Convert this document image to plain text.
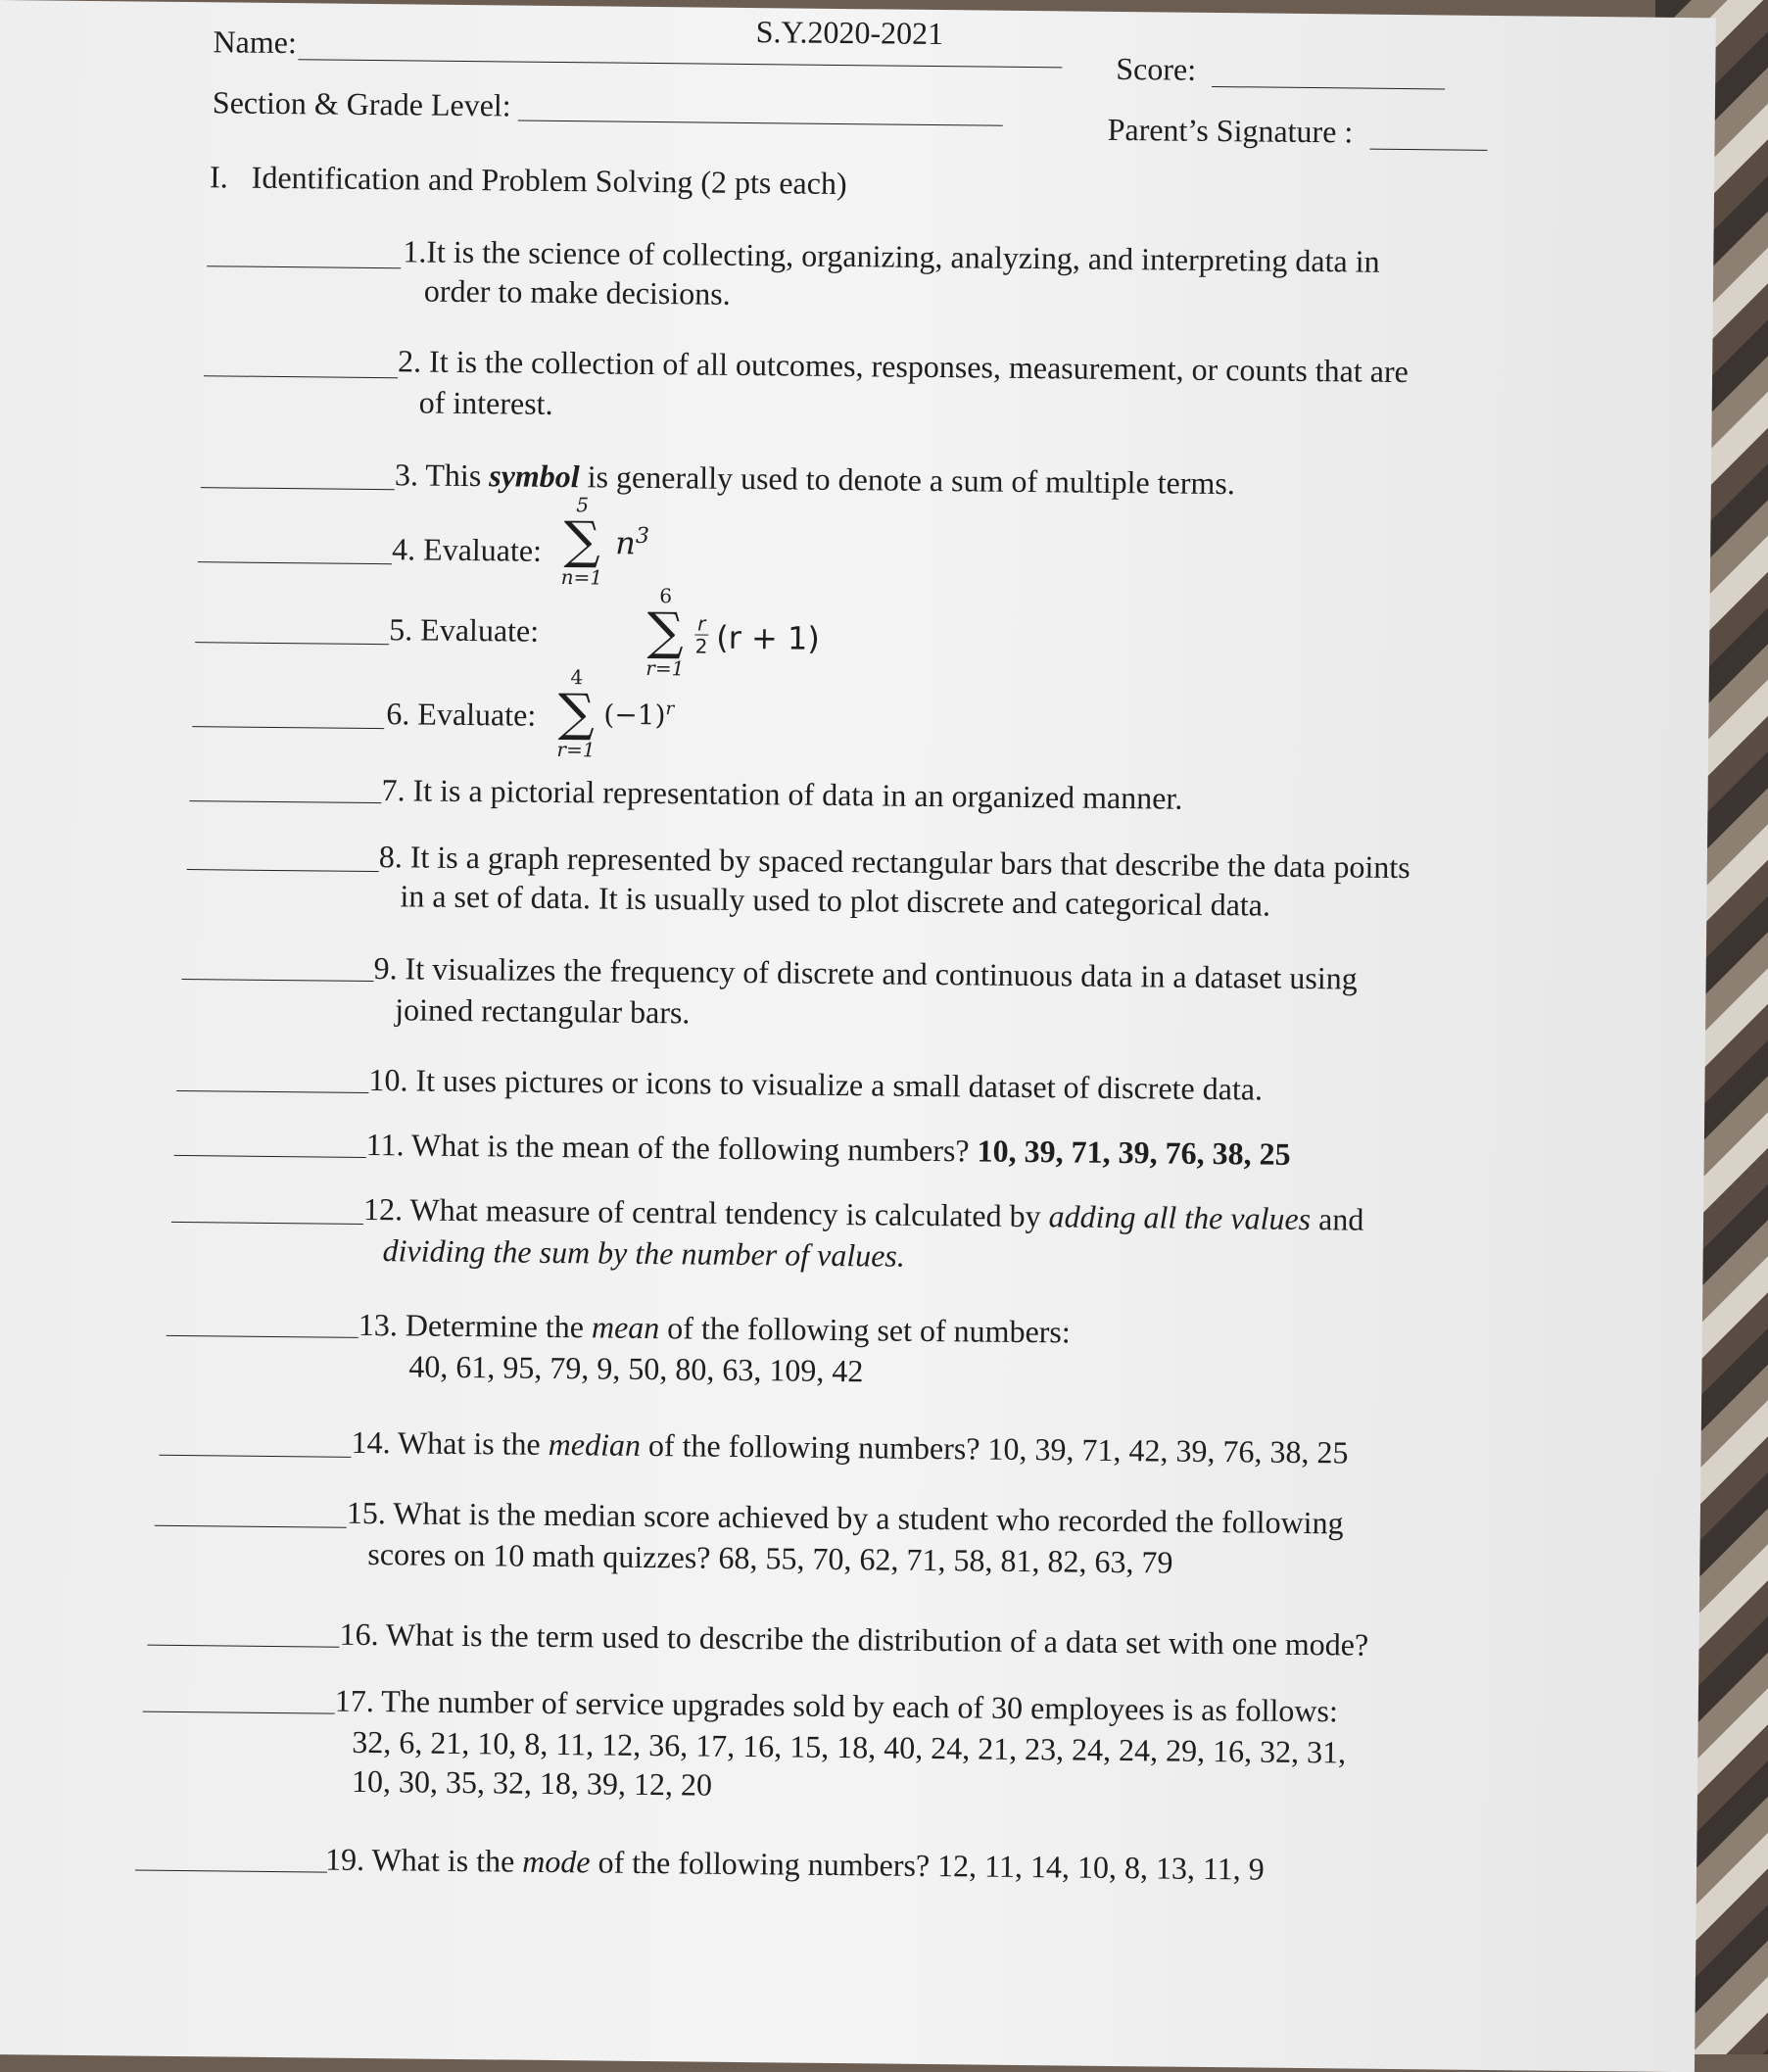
S.Y.2020-2021
Name:
Section & Grade Level:
Score:
Parent’s Signature :
I. Identification and Problem Solving (2 pts each)
1.It is the science of collecting, organizing, analyzing, and interpreting data in
order to make decisions.
2. It is the collection of all outcomes, responses, measurement, or counts that are
of interest.
3. This symbol is generally used to denote a sum of multiple terms.
4. Evaluate:
5
∑
n=1
$n^3$
5. Evaluate:
6
∑
r=1
$\frac{r}{2} (r + 1)$
6. Evaluate:
4
∑
r=1
$(-1)^r$
7. It is a pictorial representation of data in an organized manner.
8. It is a graph represented by spaced rectangular bars that describe the data points
in a set of data. It is usually used to plot discrete and categorical data.
9. It visualizes the frequency of discrete and continuous data in a dataset using
joined rectangular bars.
10. It uses pictures or icons to visualize a small dataset of discrete data.
11. What is the mean of the following numbers? 10, 39, 71, 39, 76, 38, 25
12. What measure of central tendency is calculated by adding all the values and
dividing the sum by the number of values.
13. Determine the mean of the following set of numbers:
40, 61, 95, 79, 9, 50, 80, 63, 109, 42
14. What is the median of the following numbers? 10, 39, 71, 42, 39, 76, 38, 25
15. What is the median score achieved by a student who recorded the following
scores on 10 math quizzes? 68, 55, 70, 62, 71, 58, 81, 82, 63, 79
16. What is the term used to describe the distribution of a data set with one mode?
17. The number of service upgrades sold by each of 30 employees is as follows:
32, 6, 21, 10, 8, 11, 12, 36, 17, 16, 15, 18, 40, 24, 21, 23, 24, 24, 29, 16, 32, 31,
10, 30, 35, 32, 18, 39, 12, 20
19. What is the mode of the following numbers? 12, 11, 14, 10, 8, 13, 11, 9
